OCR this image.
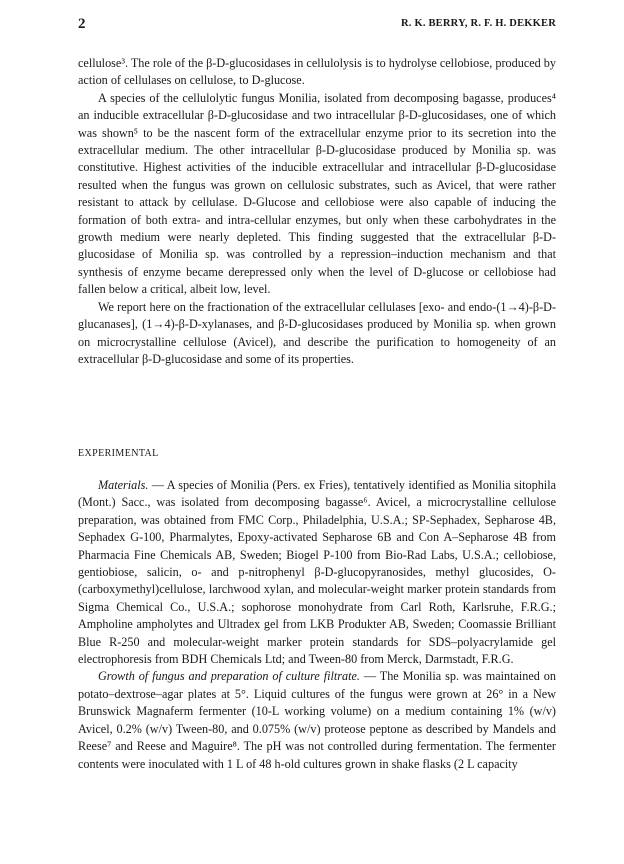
2	R. K. BERRY, R. F. H. DEKKER

cellulose³. The role of the β-D-glucosidases in cellulolysis is to hydrolyse cellobiose, produced by action of cellulases on cellulose, to D-glucose.

A species of the cellulolytic fungus Monilia, isolated from decomposing bagasse, produces⁴ an inducible extracellular β-D-glucosidase and two intracellular β-D-glucosidases, one of which was shown⁵ to be the nascent form of the extracellular enzyme prior to its secretion into the extracellular medium. The other intracellular β-D-glucosidase produced by Monilia sp. was constitutive. Highest activities of the inducible extracellular and intracellular β-D-glucosidase resulted when the fungus was grown on cellulosic substrates, such as Avicel, that were rather resistant to attack by cellulase. D-Glucose and cellobiose were also capable of inducing the formation of both extra- and intra-cellular enzymes, but only when these carbohydrates in the growth medium were nearly depleted. This finding suggested that the extracellular β-D-glucosidase of Monilia sp. was controlled by a repression–induction mechanism and that synthesis of enzyme became derepressed only when the level of D-glucose or cellobiose had fallen below a critical, albeit low, level.

We report here on the fractionation of the extracellular cellulases [exo- and endo-(1→4)-β-D-glucanases], (1→4)-β-D-xylanases, and β-D-glucosidases produced by Monilia sp. when grown on microcrystalline cellulose (Avicel), and describe the purification to homogeneity of an extracellular β-D-glucosidase and some of its properties.

EXPERIMENTAL

Materials. — A species of Monilia (Pers. ex Fries), tentatively identified as Monilia sitophila (Mont.) Sacc., was isolated from decomposing bagasse⁶. Avicel, a microcrystalline cellulose preparation, was obtained from FMC Corp., Philadelphia, U.S.A.; SP-Sephadex, Sepharose 4B, Sephadex G-100, Pharmalytes, Epoxy-activated Sepharose 6B and Con A–Sepharose 4B from Pharmacia Fine Chemicals AB, Sweden; Biogel P-100 from Bio-Rad Labs, U.S.A.; cellobiose, gentiobiose, salicin, o- and p-nitrophenyl β-D-glucopyranosides, methyl glucosides, O-(carboxymethyl)cellulose, larchwood xylan, and molecular-weight marker protein standards from Sigma Chemical Co., U.S.A.; sophorose monohydrate from Carl Roth, Karlsruhe, F.R.G.; Ampholine ampholytes and Ultradex gel from LKB Produkter AB, Sweden; Coomassie Brilliant Blue R-250 and molecular-weight marker protein standards for SDS–polyacrylamide gel electrophoresis from BDH Chemicals Ltd; and Tween-80 from Merck, Darmstadt, F.R.G.

Growth of fungus and preparation of culture filtrate. — The Monilia sp. was maintained on potato–dextrose–agar plates at 5°. Liquid cultures of the fungus were grown at 26° in a New Brunswick Magnaferm fermenter (10-L working volume) on a medium containing 1% (w/v) Avicel, 0.2% (w/v) Tween-80, and 0.075% (w/v) proteose peptone as described by Mandels and Reese⁷ and Reese and Maguire⁸. The pH was not controlled during fermentation. The fermenter contents were inoculated with 1 L of 48 h-old cultures grown in shake flasks (2 L capacity
